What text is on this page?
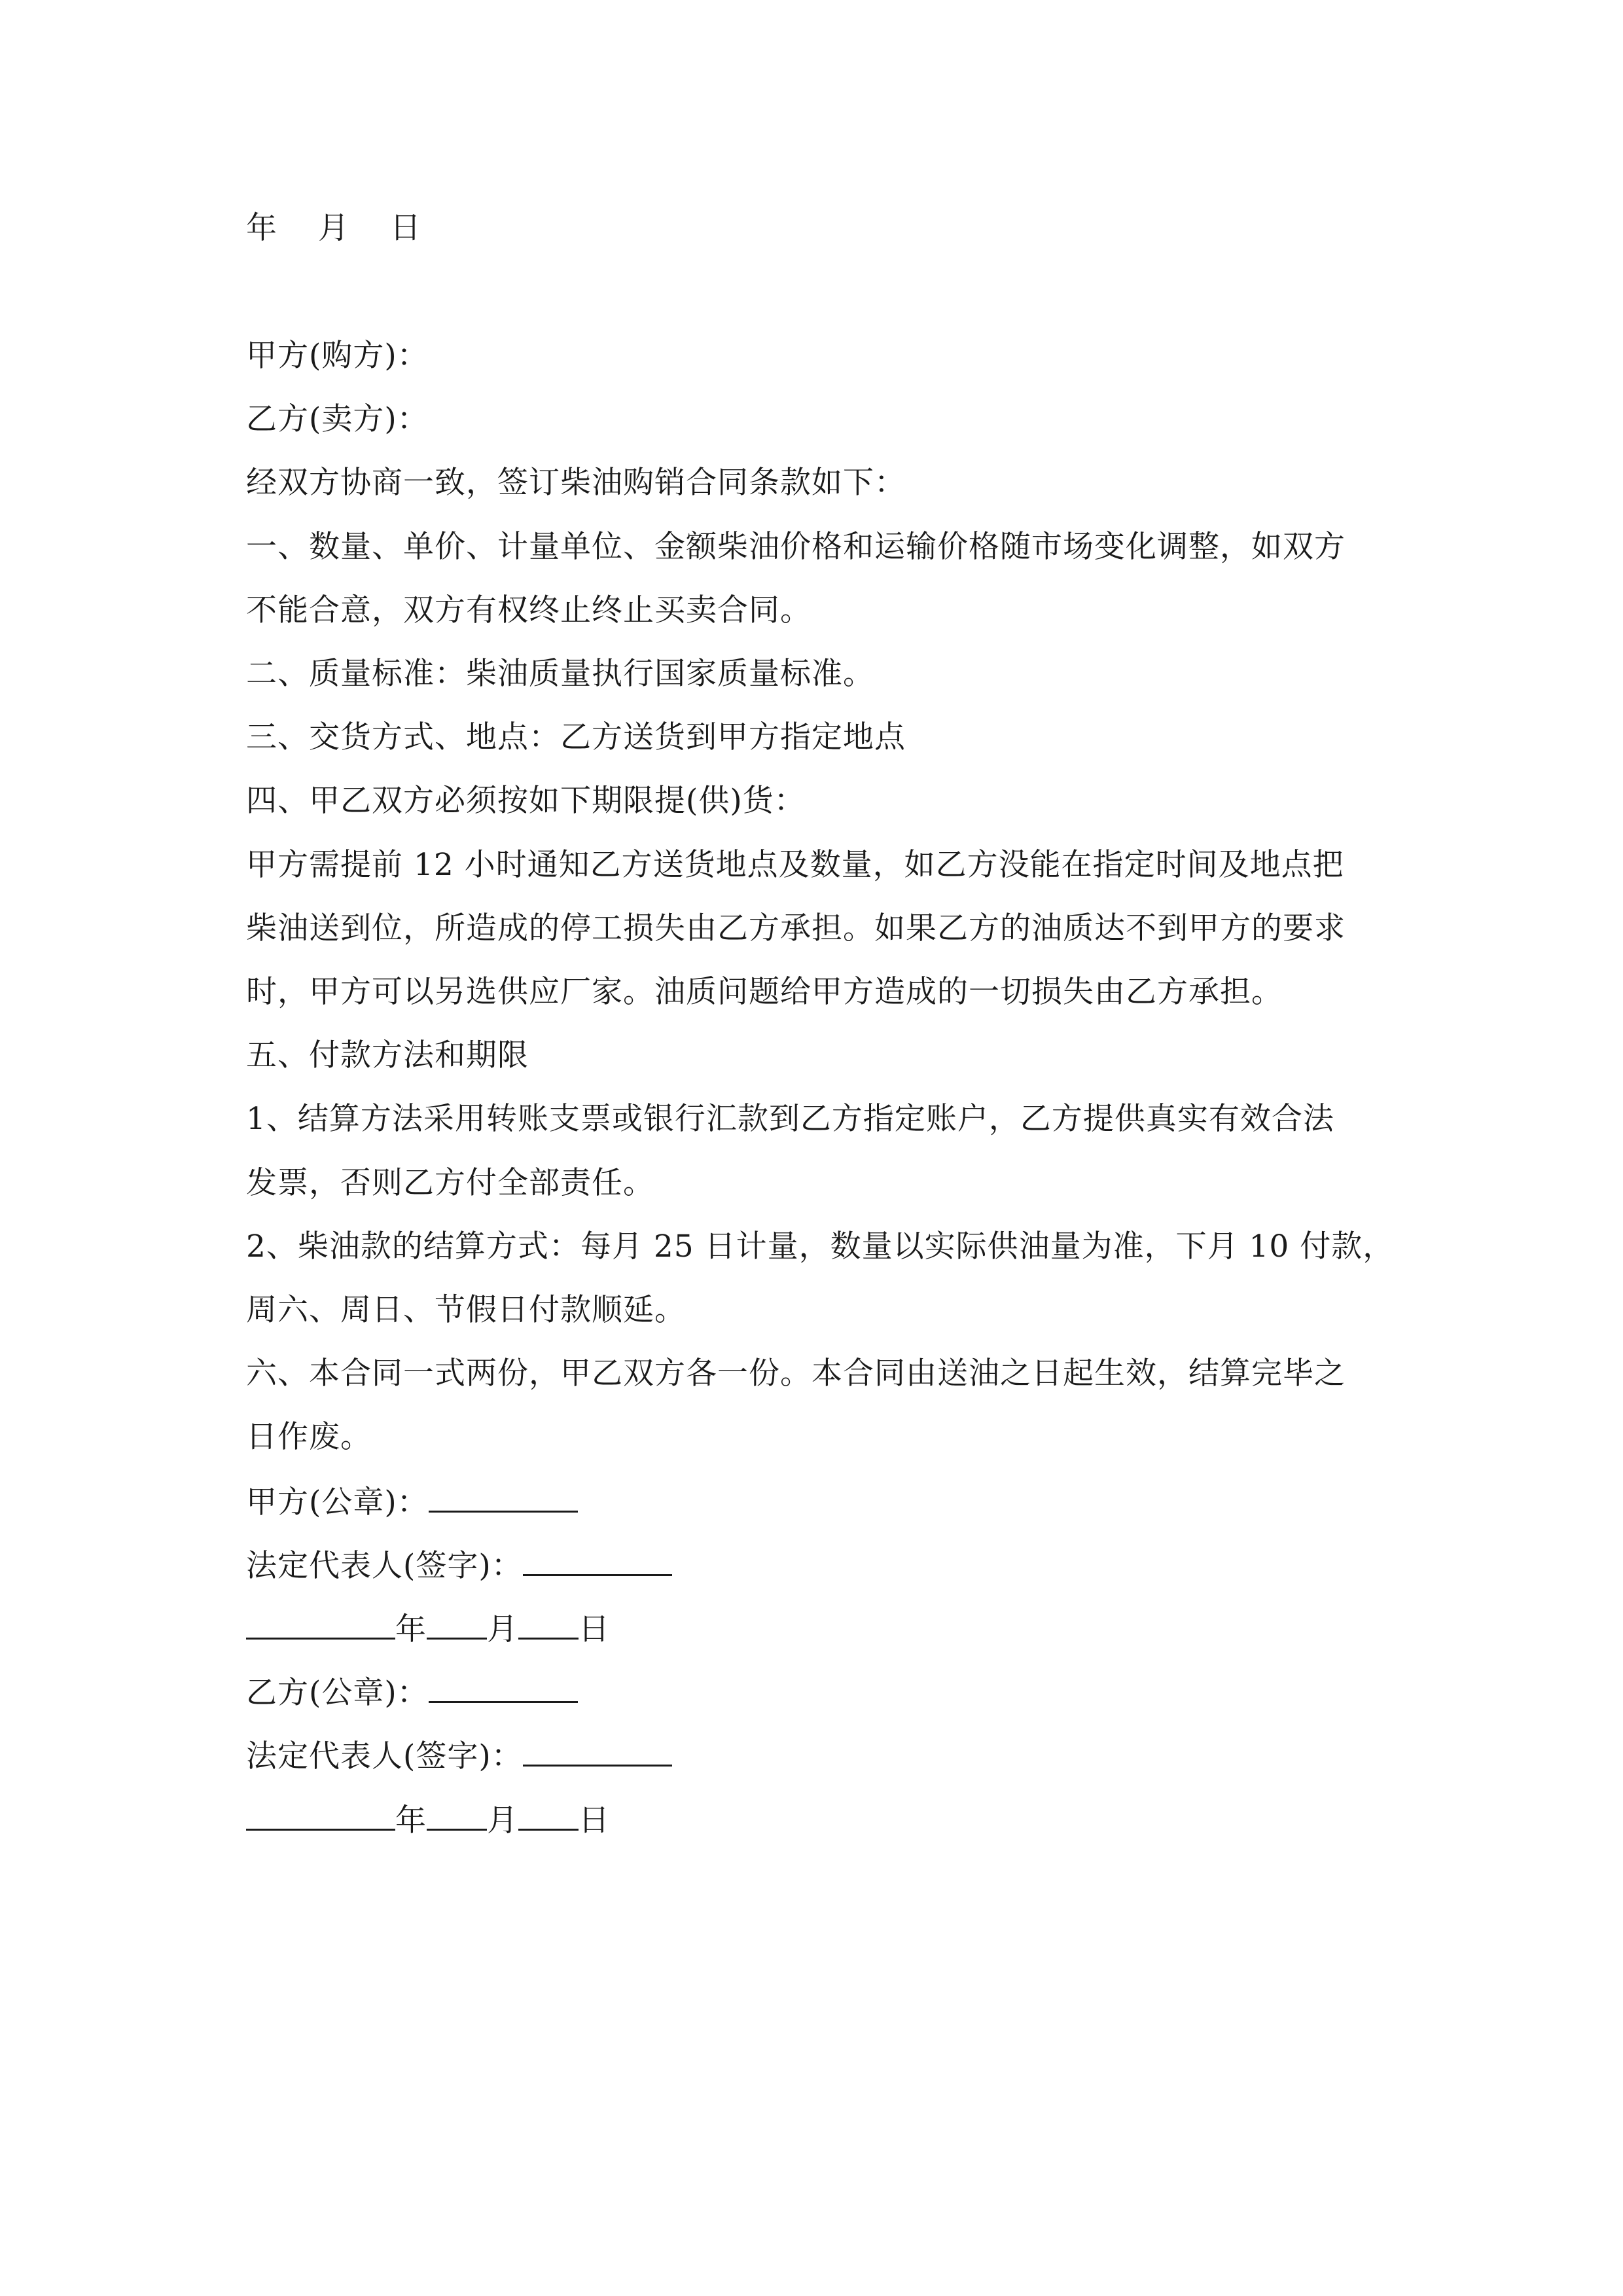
年 月 日
甲方(购方)：
乙方(卖方)：
经双方协商一致，签订柴油购销合同条款如下：
一、数量、单价、计量单位、金额柴油价格和运输价格随市场变化调整，如双方
不能合意，双方有权终止终止买卖合同。
二、质量标准：柴油质量执行国家质量标准。
三、交货方式、地点：乙方送货到甲方指定地点
四、甲乙双方必须按如下期限提(供)货：
甲方需提前 12 小时通知乙方送货地点及数量，如乙方没能在指定时间及地点把
柴油送到位，所造成的停工损失由乙方承担。如果乙方的油质达不到甲方的要求
时，甲方可以另选供应厂家。油质问题给甲方造成的一切损失由乙方承担。
五、付款方法和期限
1、结算方法采用转账支票或银行汇款到乙方指定账户，乙方提供真实有效合法
发票，否则乙方付全部责任。
2、柴油款的结算方式：每月 25 日计量，数量以实际供油量为准，下月 10 付款，
周六、周日、节假日付款顺延。
六、本合同一式两份，甲乙双方各一份。本合同由送油之日起生效，结算完毕之
日作废。
甲方(公章)：
法定代表人(签字)：
年 月 日
乙方(公章)：
法定代表人(签字)：
年 月 日
